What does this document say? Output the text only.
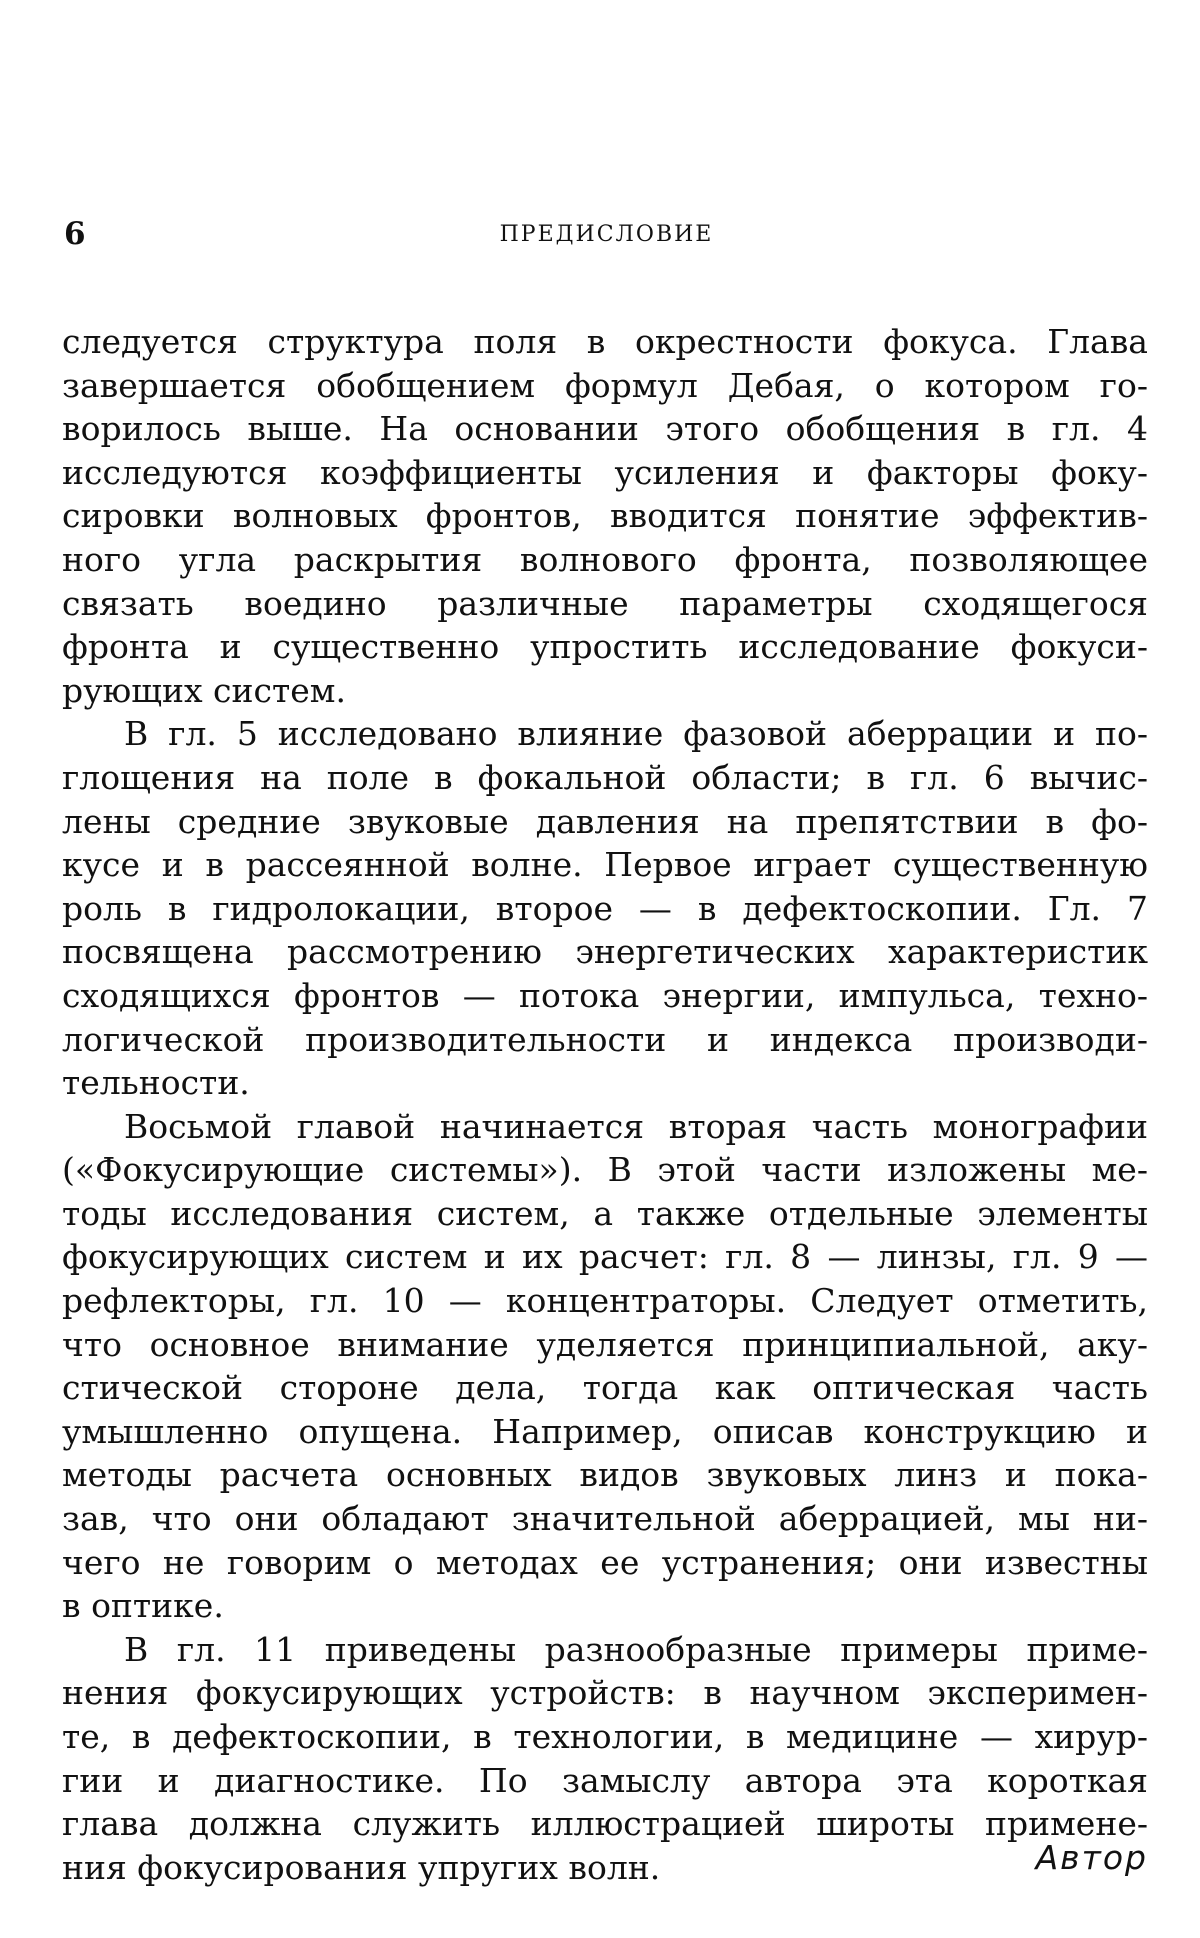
6	ПРЕДИСЛОВИЕ
следуется структура поля в окрестности фокуса. Глава
завершается обобщением формул Дебая, о котором го-
ворилось выше. На основании этого обобщения в гл. 4
исследуются коэффициенты усиления и факторы фоку-
сировки волновых фронтов, вводится понятие эффектив-
ного угла раскрытия волнового фронта, позволяющее
связать воедино различные параметры сходящегося
фронта и существенно упростить исследование фокуси-
рующих систем.
В гл. 5 исследовано влияние фазовой аберрации и по-
глощения на поле в фокальной области; в гл. 6 вычис-
лены средние звуковые давления на препятствии в фо-
кусе и в рассеянной волне. Первое играет существенную
роль в гидролокации, второе — в дефектоскопии. Гл. 7
посвящена рассмотрению энергетических характеристик
сходящихся фронтов — потока энергии, импульса, техно-
логической производительности и индекса производи-
тельности.
Восьмой главой начинается вторая часть монографии
(«Фокусирующие системы»). В этой части изложены ме-
тоды исследования систем, а также отдельные элементы
фокусирующих систем и их расчет: гл. 8 — линзы, гл. 9 —
рефлекторы, гл. 10 — концентраторы. Следует отметить,
что основное внимание уделяется принципиальной, аку-
стической стороне дела, тогда как оптическая часть
умышленно опущена. Например, описав конструкцию и
методы расчета основных видов звуковых линз и пока-
зав, что они обладают значительной аберрацией, мы ни-
чего не говорим о методах ее устранения; они известны
в оптике.
В гл. 11 приведены разнообразные примеры приме-
нения фокусирующих устройств: в научном эксперимен-
те, в дефектоскопии, в технологии, в медицине — хирур-
гии и диагностике. По замыслу автора эта короткая
глава должна служить иллюстрацией широты примене-
ния фокусирования упругих волн.	Автор
